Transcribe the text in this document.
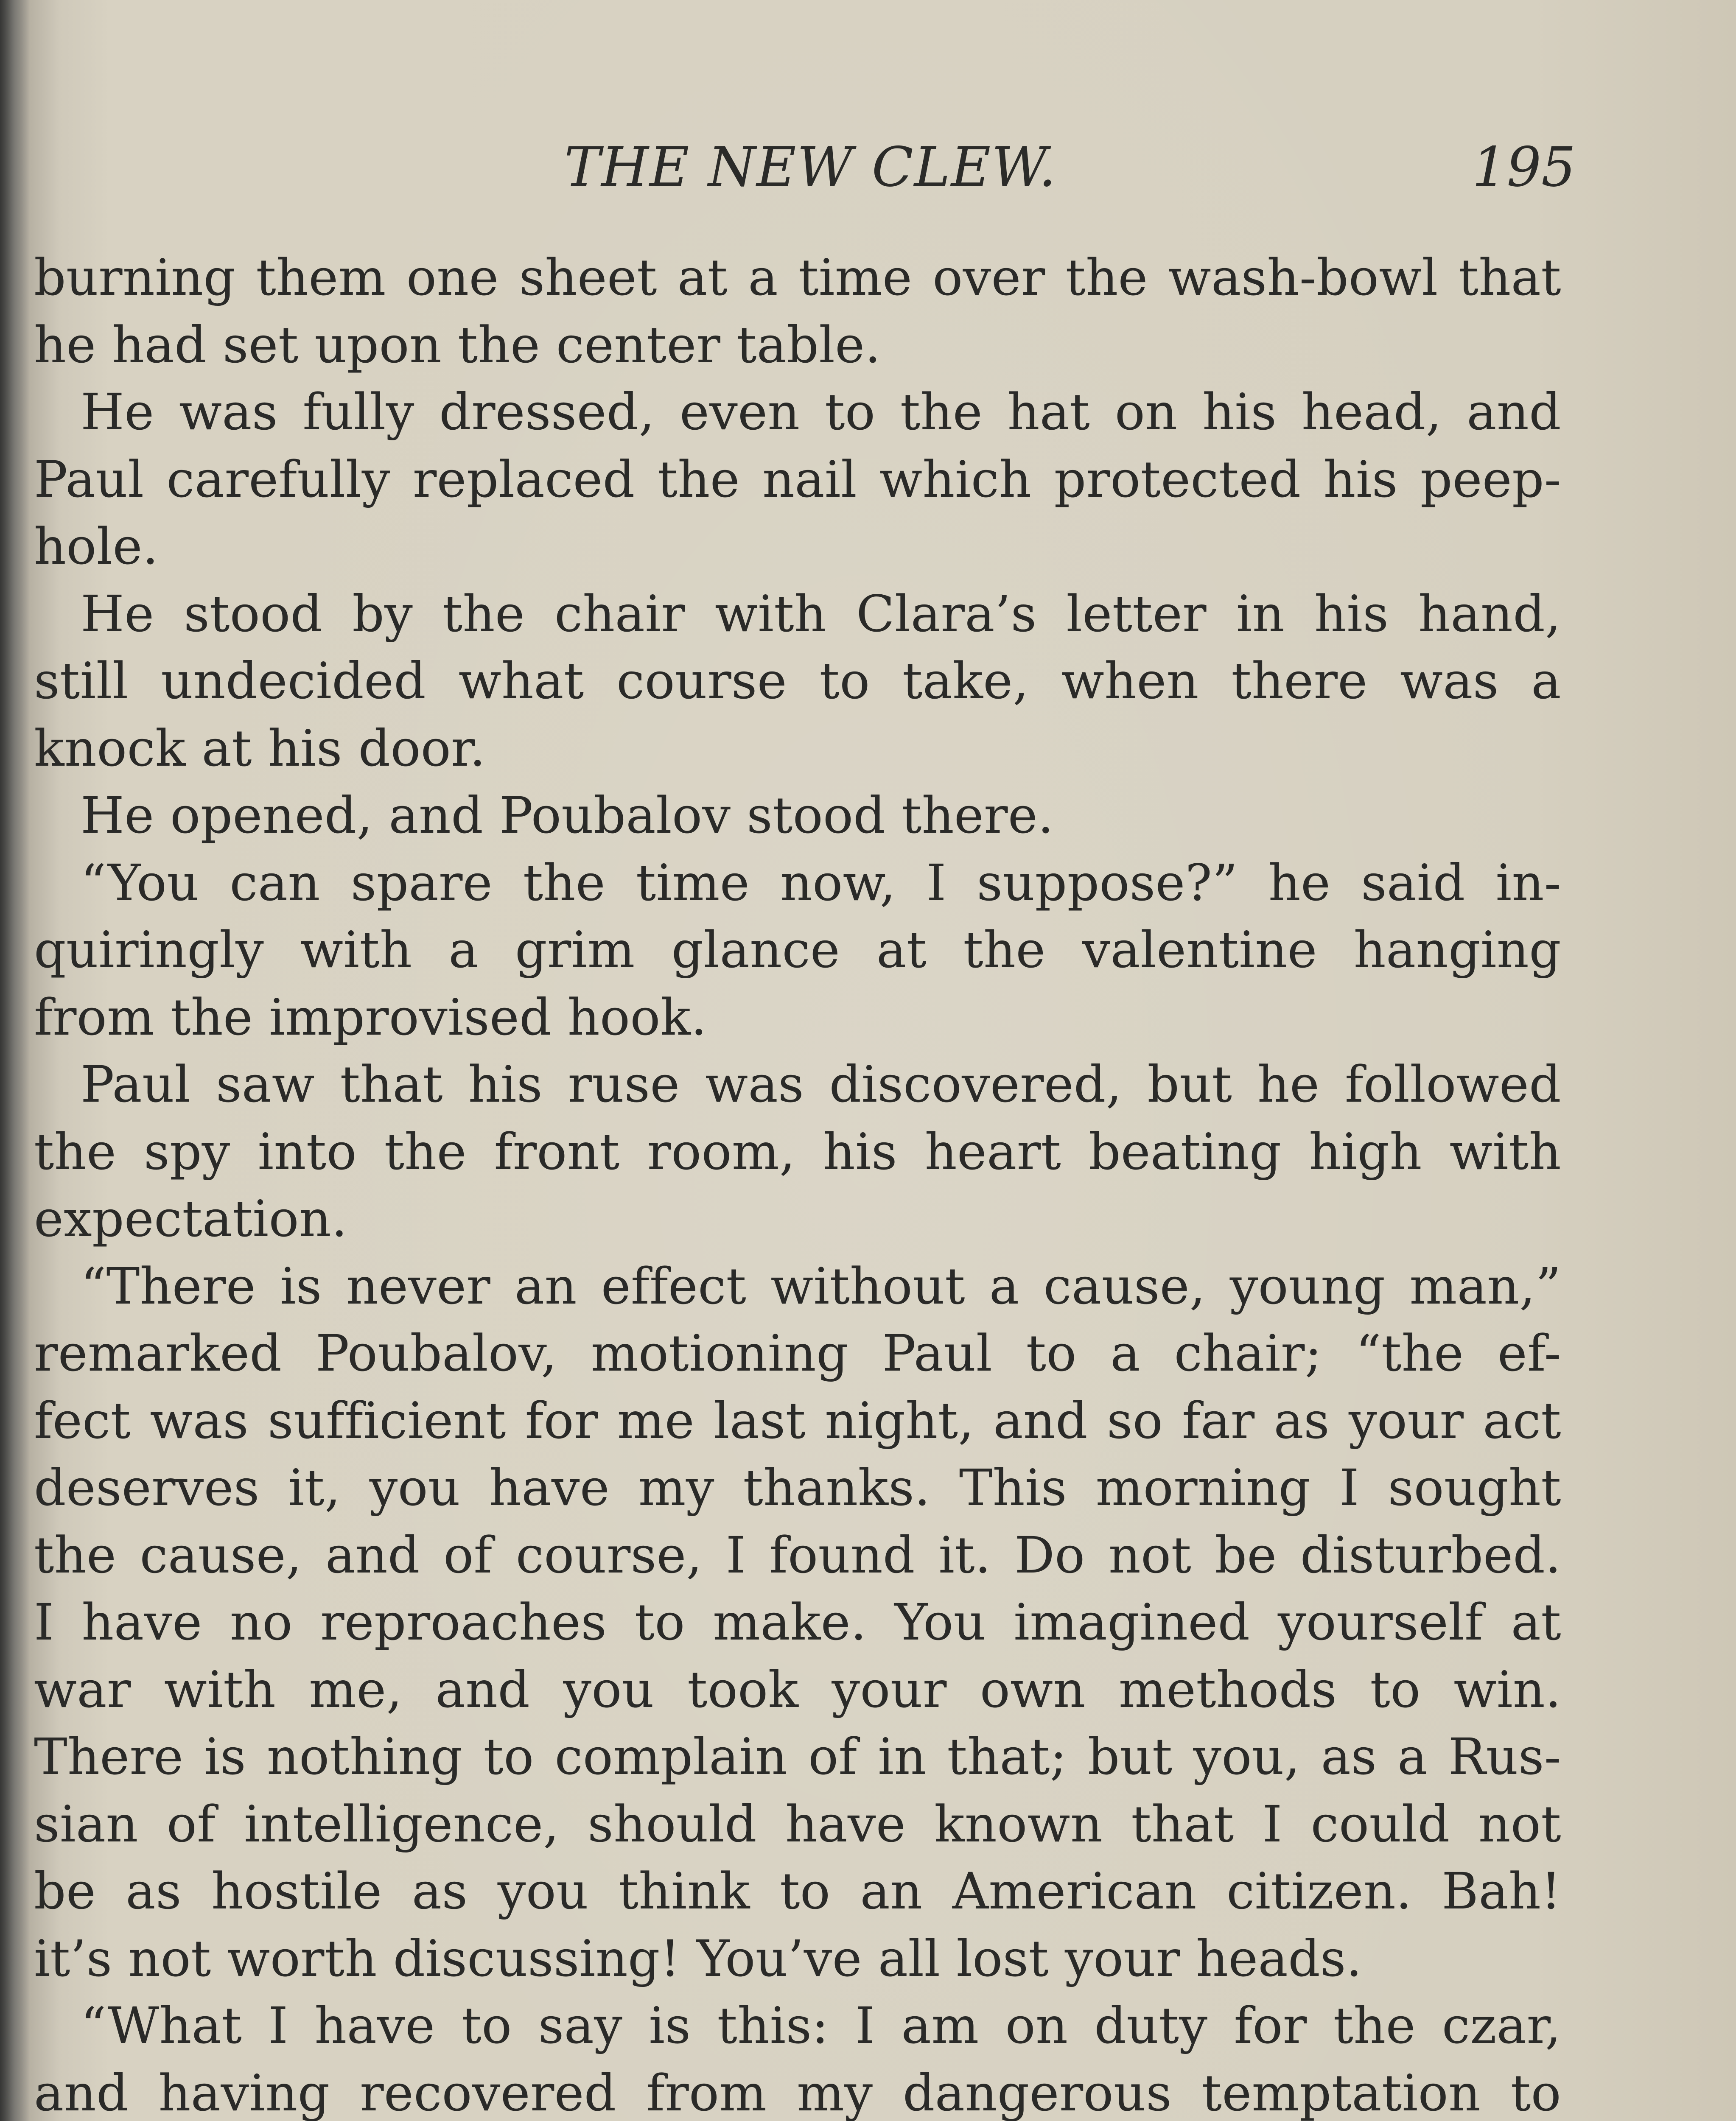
THE NEW CLEW.	195
burning them one sheet at a time over the wash-bowl that
he had set upon the center table.
He was fully dressed, even to the hat on his head, and
Paul carefully replaced the nail which protected his peep-
hole.
He stood by the chair with Clara’s letter in his hand,
still undecided what course to take, when there was a
knock at his door.
He opened, and Poubalov stood there.
“You can spare the time now, I suppose?” he said in-
quiringly with a grim glance at the valentine hanging
from the improvised hook.
Paul saw that his ruse was discovered, but he followed
the spy into the front room, his heart beating high with
expectation.
“There is never an effect without a cause, young man,”
remarked Poubalov, motioning Paul to a chair; “the ef-
fect was sufficient for me last night, and so far as your act
deserves it, you have my thanks. This morning I sought
the cause, and of course, I found it. Do not be disturbed.
I have no reproaches to make. You imagined yourself at
war with me, and you took your own methods to win.
There is nothing to complain of in that; but you, as a Rus-
sian of intelligence, should have known that I could not
be as hostile as you think to an American citizen. Bah!
it’s not worth discussing! You’ve all lost your heads.
“What I have to say is this: I am on duty for the czar,
and having recovered from my dangerous temptation to
